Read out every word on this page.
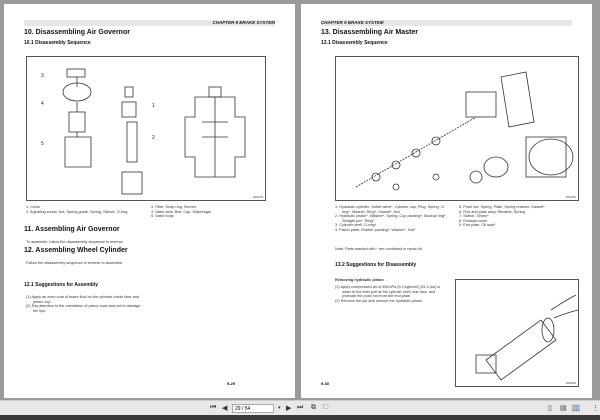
CHAPTER 9 BRAKE SYSTEM
10. Disassembling Air Governor
10.1 Disassembly Sequence
3
4
5
1
2
S00078
1. Cover
2. Adjusting screw, Nut, Spring guide, Spring, Sleeve, O-ring
3. Filter, Snap ring, Screen
4. Valve seat, Bolt, Cap, Diaphragm
5. Valve body
11. Assembling Air Governor
To assemble, follow the disassembly sequence in reverse.
12. Assembling Wheel Cylinder
Follow the disassembly sequence in reverse to assemble.
12.1 Suggestions for Assembly
(1) Apply an even coat of brake fluid on the cylinder inside face and piston cup.
(2) Pay attention to the orientation of piston cups and not to damage the lips.
9-29
CHAPTER 9 BRAKE SYSTEM
13. Disassembling Air Master
13.1 Disassembly Sequence
S00281
1. Hydraulic cylinder, Outlet valve*, Cylinder cap, Plug, Spring, O-ring*, Washer, Ring*, Gasket*, Nut
2. Hydraulic piston*, Washer*, Spring, Cup packing*, Backup ring*, Straight pin*, Ring*
3. Cylinder shell, O-ring*
4. Piston plate, Rubber packing*, Washer*, Nut*
5. Push rod, Spring, Plate, Spring retainer, Gasket*
6. Rod and plate assy, Retainer, Spring
7. Switch, Shims*
8. Exhaust cover
9. End plate, Oil seal*
Note: Parts marked with * are contained in repair kit.
13.2 Suggestions for Disassembly
Removing hydraulic piston
(1) Apply compressed air of 558 kPa (5.0 kgf/cm2) [81.0 psi] or lower to the inlet port at the cylinder shell rear face, and protrude the push rod from the end plate.
(2) Remove the pin and remove the hydraulic piston.
S00282
9-30
⏮ ◀	29 / 54	▾ ▶ ⏭ ⧉ ⧠	▯ ▤ ▯▯ ⋮
